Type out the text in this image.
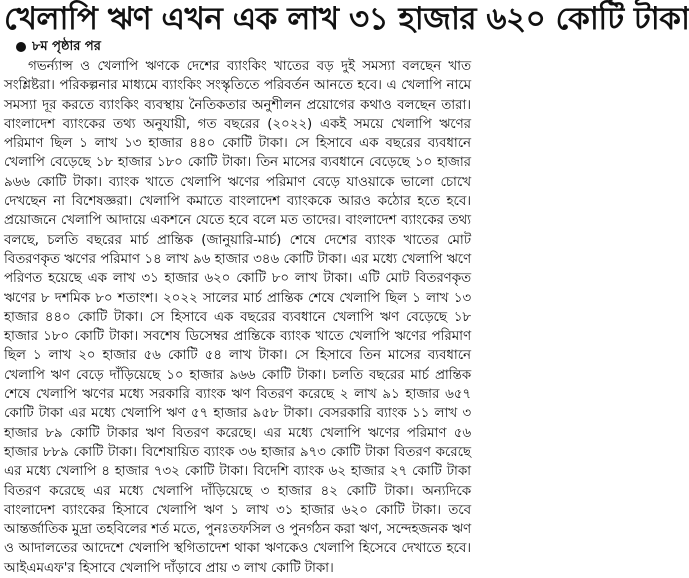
খেলাপি ঋণ এখন এক লাখ ৩১ হাজার ৬২০ কোটি টাকা
৮ম পৃষ্ঠার পর

গভর্ন্যান্স ও খেলাপি ঋণকে দেশের ব্যাংকিং খাতের বড় দুই সমস্যা বলছেন খাত সংশ্লিষ্টরা। পরিকল্পনার মাধ্যমে ব্যাংকিং সংস্কৃতিতে পরিবর্তন আনতে হবে। এ খেলাপি নামে সমস্যা দূর করতে ব্যাংকিং ব্যবস্থায় নৈতিকতার অনুশীলন প্রয়োগের কথাও বলছেন তারা। বাংলাদেশ ব্যাংকের তথ্য অনুযায়ী, গত বছরের (২০২২) একই সময়ে খেলাপি ঋণের পরিমাণ ছিল ১ লাখ ১৩ হাজার ৪৪০ কোটি টাকা। সে হিসাবে এক বছরের ব্যবধানে খেলাপি বেড়েছে ১৮ হাজার ১৮০ কোটি টাকা। তিন মাসের ব্যবধানে বেড়েছে ১০ হাজার ৯৬৬ কোটি টাকা। ব্যাংক খাতে খেলাপি ঋণের পরিমাণ বেড়ে যাওয়াকে ভালো চোখে দেখছেন না বিশেষজ্ঞরা। খেলাপি কমাতে বাংলাদেশ ব্যাংককে আরও কঠোর হতে হবে। প্রয়োজনে খেলাপি আদায়ে একশনে যেতে হবে বলে মত তাদের। বাংলাদেশ ব্যাংকের তথ্য বলছে, চলতি বছরের মার্চ প্রান্তিক (জানুয়ারি-মার্চ) শেষে দেশের ব্যাংক খাতের মোট বিতরণকৃত ঋণের পরিমাণ ১৪ লাখ ৯৬ হাজার ৩৪৬ কোটি টাকা। এর মধ্যে খেলাপি ঋণে পরিণত হয়েছে এক লাখ ৩১ হাজার ৬২০ কোটি ৮০ লাখ টাকা। এটি মোট বিতরণকৃত ঋণের ৮ দশমিক ৮০ শতাংশ। ২০২২ সালের মার্চ প্রান্তিক শেষে খেলাপি ছিল ১ লাখ ১৩ হাজার ৪৪০ কোটি টাকা। সে হিসাবে এক বছরের ব্যবধানে খেলাপি ঋণ বেড়েছে ১৮ হাজার ১৮০ কোটি টাকা। সবশেষ ডিসেম্বর প্রান্তিকে ব্যাংক খাতে খেলাপি ঋণের পরিমাণ ছিল ১ লাখ ২০ হাজার ৫৬ কোটি ৫৪ লাখ টাকা। সে হিসাবে তিন মাসের ব্যবধানে খেলাপি ঋণ বেড়ে দাঁড়িয়েছে ১০ হাজার ৯৬৬ কোটি টাকা। চলতি বছরের মার্চ প্রান্তিক শেষে খেলাপি ঋণের মধ্যে সরকারি ব্যাংক ঋণ বিতরণ করেছে ২ লাখ ৯১ হাজার ৬৫৭ কোটি টাকা এর মধ্যে খেলাপি ঋণ ৫৭ হাজার ৯৫৮ টাকা। বেসরকারি ব্যাংক ১১ লাখ ৩ হাজার ৮৯ কোটি টাকার ঋণ বিতরণ করেছে। এর মধ্যে খেলাপি ঋণের পরিমাণ ৫৬ হাজার ৮৮৯ কোটি টাকা। বিশেষায়িত ব্যাংক ৩৬ হাজার ৯৭৩ কোটি টাকা বিতরণ করেছে এর মধ্যে খেলাপি ৪ হাজার ৭৩২ কোটি টাকা। বিদেশি ব্যাংক ৬২ হাজার ২৭ কোটি টাকা বিতরণ করেছে এর মধ্যে খেলাপি দাঁড়িয়েছে ৩ হাজার ৪২ কোটি টাকা। অন্যদিকে বাংলাদেশ ব্যাংকের হিসাবে খেলাপি ঋণ ১ লাখ ৩১ হাজার ৬২০ কোটি টাকা। তবে আন্তর্জাতিক মুদ্রা তহবিলের শর্ত মতে, পুনঃতফসিল ও পুনর্গঠন করা ঋণ, সন্দেহজনক ঋণ ও আদালতের আদেশে খেলাপি স্থগিতাদেশ থাকা ঋণকেও খেলাপি হিসেবে দেখাতে হবে। আইএমএফ'র হিসাবে খেলাপি দাঁড়াবে প্রায় ৩ লাখ কোটি টাকা।
